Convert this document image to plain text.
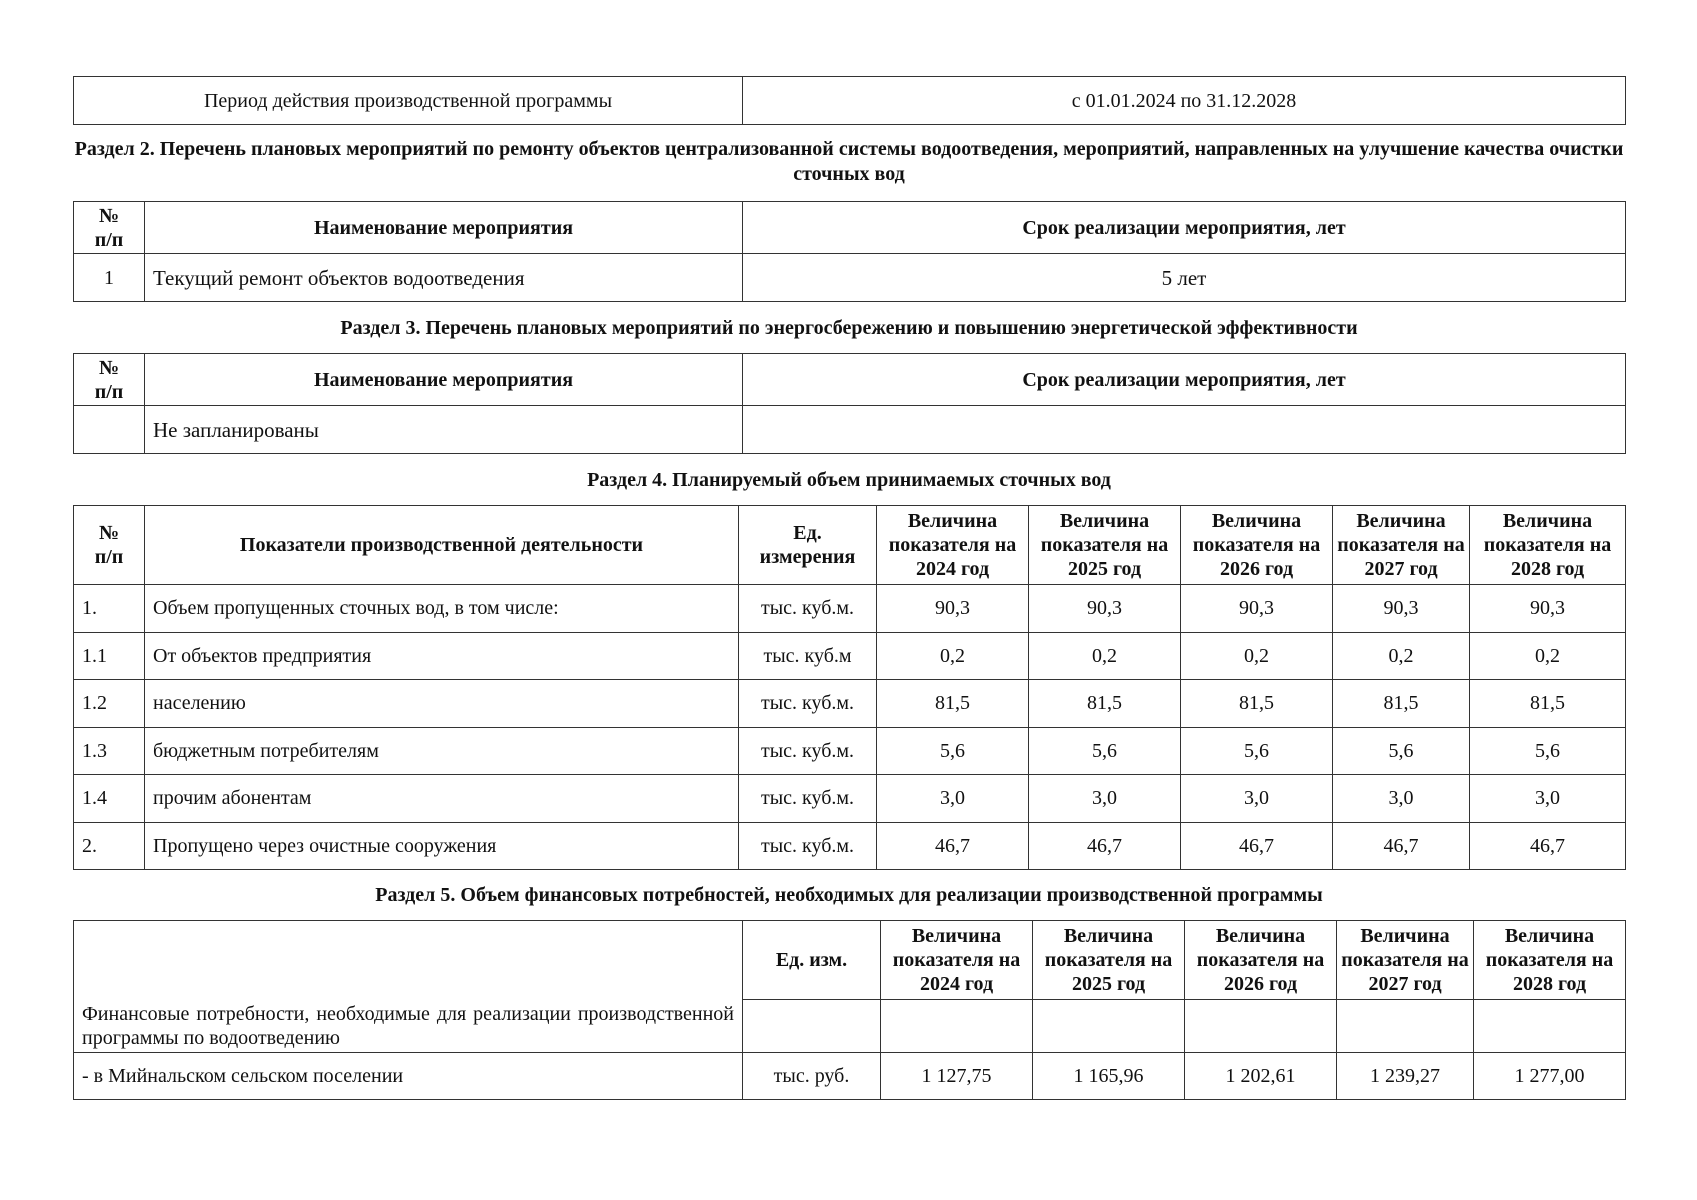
Период действия производственной программы	с 01.01.2024 по 31.12.2028
Раздел 2. Перечень плановых мероприятий по ремонту объектов централизованной системы водоотведения, мероприятий, направленных на улучшение качества очистки сточных вод
№ п/п	Наименование мероприятия	Срок реализации мероприятия, лет
1	Текущий ремонт объектов водоотведения	5 лет
Раздел 3. Перечень плановых мероприятий по энергосбережению и повышению энергетической эффективности
№ п/п	Наименование мероприятия	Срок реализации мероприятия, лет
	Не запланированы	
Раздел 4. Планируемый объем принимаемых сточных вод
№ п/п	Показатели производственной деятельности	Ед. измерения	Величина показателя на 2024 год	Величина показателя на 2025 год	Величина показателя на 2026 год	Величина показателя на 2027 год	Величина показателя на 2028 год
1.	Объем пропущенных сточных вод, в том числе:	тыс. куб.м.	90,3	90,3	90,3	90,3	90,3
1.1	От объектов предприятия	тыс. куб.м	0,2	0,2	0,2	0,2	0,2
1.2	населению	тыс. куб.м.	81,5	81,5	81,5	81,5	81,5
1.3	бюджетным потребителям	тыс. куб.м.	5,6	5,6	5,6	5,6	5,6
1.4	прочим абонентам	тыс. куб.м.	3,0	3,0	3,0	3,0	3,0
2.	Пропущено через очистные сооружения	тыс. куб.м.	46,7	46,7	46,7	46,7	46,7
Раздел 5. Объем финансовых потребностей, необходимых для реализации производственной программы
	Ед. изм.	Величина показателя на 2024 год	Величина показателя на 2025 год	Величина показателя на 2026 год	Величина показателя на 2027 год	Величина показателя на 2028 год
Финансовые потребности, необходимые для реализации производственной программы по водоотведению						
- в Мийнальском сельском поселении	тыс. руб.	1 127,75	1 165,96	1 202,61	1 239,27	1 277,00
